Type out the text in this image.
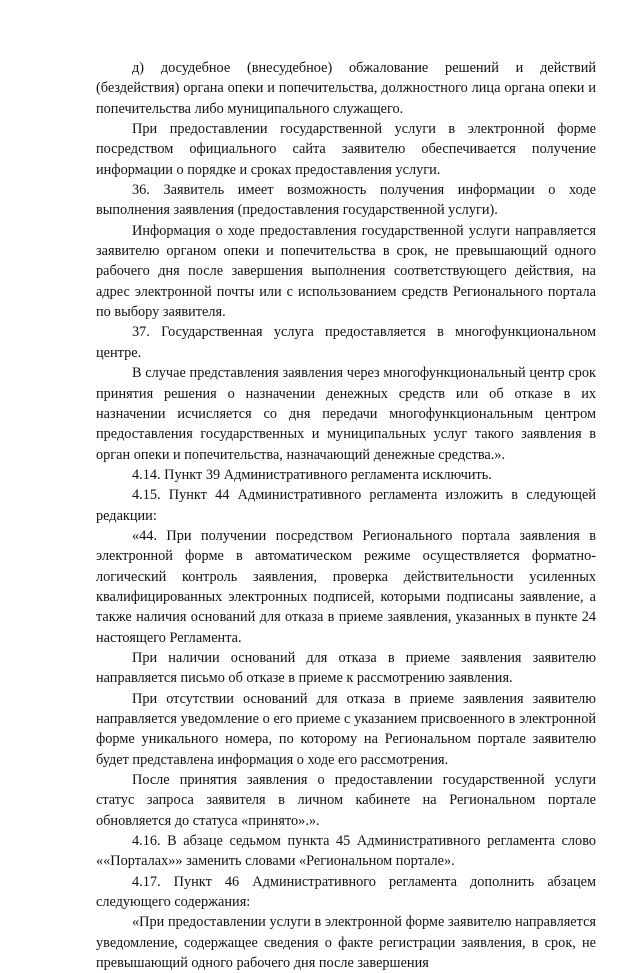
д) досудебное (внесудебное) обжалование решений и действий (бездействия) органа опеки и попечительства, должностного лица органа опеки и попечительства либо муниципального служащего.

При предоставлении государственной услуги в электронной форме посредством официального сайта заявителю обеспечивается получение информации о порядке и сроках предоставления услуги.

36. Заявитель имеет возможность получения информации о ходе выполнения заявления (предоставления государственной услуги).

Информация о ходе предоставления государственной услуги направляется заявителю органом опеки и попечительства в срок, не превышающий одного рабочего дня после завершения выполнения соответствующего действия, на адрес электронной почты или с использованием средств Регионального портала по выбору заявителя.

37. Государственная услуга предоставляется в многофункциональном центре.

В случае представления заявления через многофункциональный центр срок принятия решения о назначении денежных средств или об отказе в их назначении исчисляется со дня передачи многофункциональным центром предоставления государственных и муниципальных услуг такого заявления в орган опеки и попечительства, назначающий денежные средства.».

4.14. Пункт 39 Административного регламента исключить.

4.15. Пункт 44 Административного регламента изложить в следующей редакции:

«44. При получении посредством Регионального портала заявления в электронной форме в автоматическом режиме осуществляется форматно-логический контроль заявления, проверка действительности усиленных квалифицированных электронных подписей, которыми подписаны заявление, а также наличия оснований для отказа в приеме заявления, указанных в пункте 24 настоящего Регламента.

При наличии оснований для отказа в приеме заявления заявителю направляется письмо об отказе в приеме к рассмотрению заявления.

При отсутствии оснований для отказа в приеме заявления заявителю направляется уведомление о его приеме с указанием присвоенного в электронной форме уникального номера, по которому на Региональном портале заявителю будет представлена информация о ходе его рассмотрения.

После принятия заявления о предоставлении государственной услуги статус запроса заявителя в личном кабинете на Региональном портале обновляется до статуса «принято».».

4.16. В абзаце седьмом пункта 45 Административного регламента слово ««Порталах»» заменить словами «Региональном портале».

4.17. Пункт 46 Административного регламента дополнить абзацем следующего содержания:

«При предоставлении услуги в электронной форме заявителю направляется уведомление, содержащее сведения о факте регистрации заявления, в срок, не превышающий одного рабочего дня после завершения
